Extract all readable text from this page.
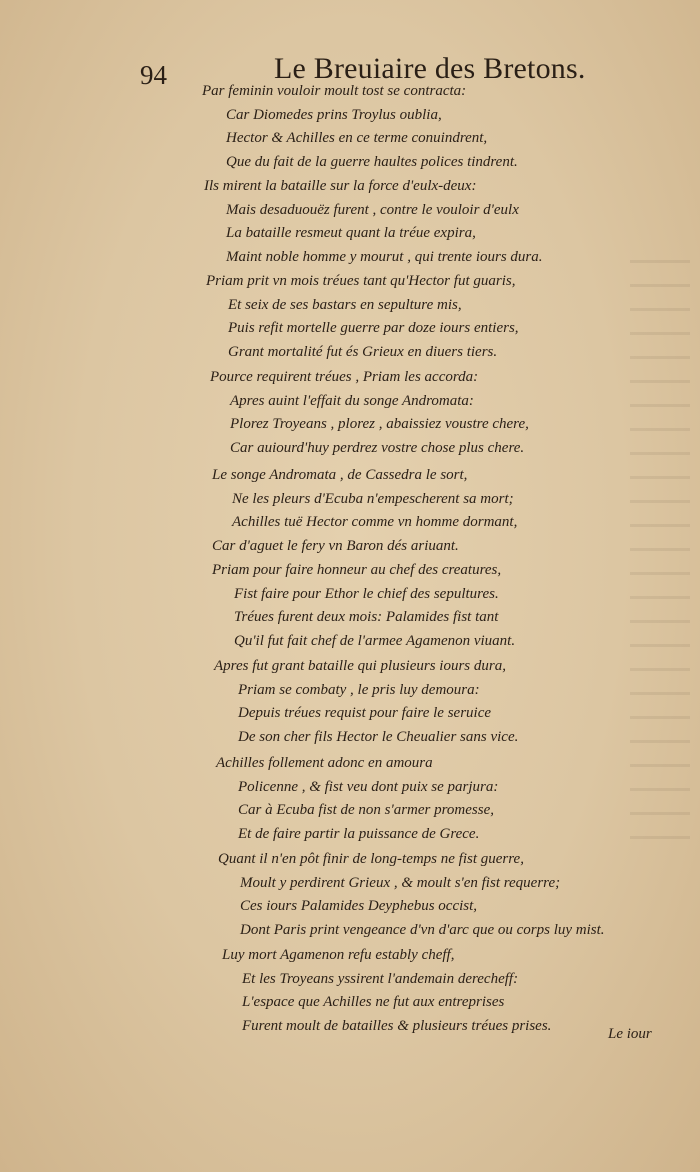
94	Le Breuiaire des Bretons.

Par feminin vouloir moult tost se contracta:
Car Diomedes prins Troylus oublia,
Hector & Achilles en ce terme conuindrent,
Que du fait de la guerre haultes polices tindrent.
Ils mirent la bataille sur la force d'eulx-deux:
Mais desaduouëz furent , contre le vouloir d'eulx
La bataille resmeut quant la tréue expira,
Maint noble homme y mourut , qui trente iours dura.
Priam prit vn mois tréues tant qu'Hector fut guaris,
Et seix de ses bastars en sepulture mis,
Puis refit mortelle guerre par doze iours entiers,
Grant mortalité fut és Grieux en diuers tiers.
Pource requirent tréues , Priam les accorda:
Apres auint l'effait du songe Andromata:
Plorez Troyeans , plorez , abaissiez voustre chere,
Car auiourd'huy perdrez vostre chose plus chere.
Le songe Andromata , de Cassedra le sort,
Ne les pleurs d'Ecuba n'empescherent sa mort;
Achilles tuë Hector comme vn homme dormant,
Car d'aguet le fery vn Baron dés ariuant.
Priam pour faire honneur au chef des creatures,
Fist faire pour Ethor le chief des sepultures.
Tréues furent deux mois: Palamides fist tant
Qu'il fut fait chef de l'armee Agamenon viuant.
Apres fut grant bataille qui plusieurs iours dura,
Priam se combaty , le pris luy demoura:
Depuis tréues requist pour faire le seruice
De son cher fils Hector le Cheualier sans vice.
Achilles follement adonc en amoura
Policenne , & fist veu dont puix se parjura:
Car à Ecuba fist de non s'armer promesse,
Et de faire partir la puissance de Grece.
Quant il n'en pôt finir de long-temps ne fist guerre,
Moult y perdirent Grieux , & moult s'en fist requerre;
Ces iours Palamides Deyphebus occist,
Dont Paris print vengeance d'vn d'arc que ou corps luy mist.
Luy mort Agamenon refu estably cheff,
Et les Troyeans yssirent l'andemain derecheff:
L'espace que Achilles ne fut aux entreprises
Furent moult de batailles & plusieurs tréues prises.

Le iour
